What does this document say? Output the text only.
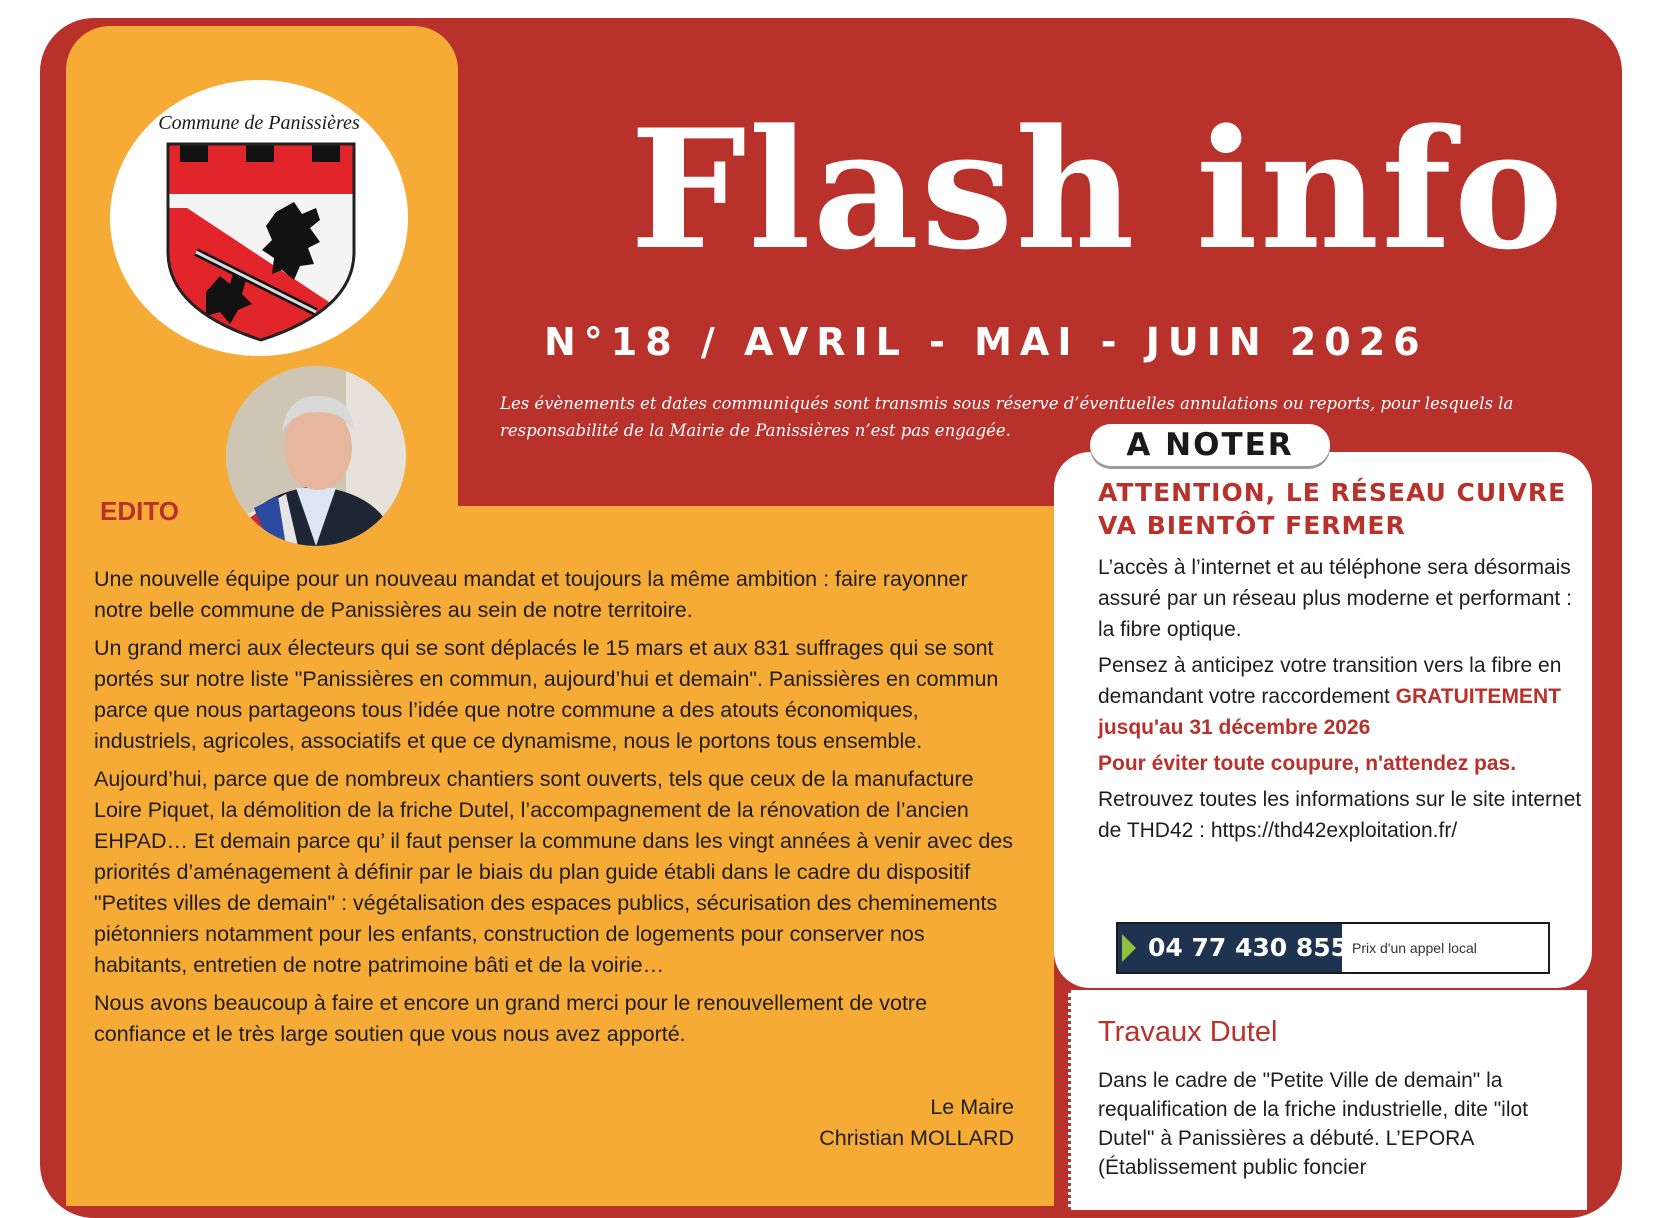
Commune de Panissières
EDITO
Flash info
N°18 / AVRIL - MAI - JUIN 2026
Les évènements et dates communiqués sont transmis sous réserve d’éventuelles annulations ou reports, pour lesquels la responsabilité de la Mairie de Panissières n’est pas engagée.

Une nouvelle équipe pour un nouveau mandat et toujours la même ambition : faire rayonner notre belle commune de Panissières au sein de notre territoire.

Un grand merci aux électeurs qui se sont déplacés le 15 mars et aux 831 suffrages qui se sont portés sur notre liste "Panissières en commun, aujourd’hui et demain". Panissières en commun parce que nous partageons tous l’idée que notre commune a des atouts économiques, industriels, agricoles, associatifs et que ce dynamisme, nous le portons tous ensemble.

Aujourd’hui, parce que de nombreux chantiers sont ouverts, tels que ceux de la manufacture Loire Piquet, la démolition de la friche Dutel, l’accompagnement de la rénovation de l’ancien EHPAD… Et demain parce qu’ il faut penser la commune dans les vingt années à venir avec des priorités d’aménagement à définir par le biais du plan guide établi dans le cadre du dispositif "Petites villes de demain" : végétalisation des espaces publics, sécurisation des cheminements piétonniers notamment pour les enfants, construction de logements pour conserver nos habitants, entretien de notre patrimoine bâti et de la voirie…

Nous avons beaucoup à faire et encore un grand merci pour le renouvellement de votre confiance et le très large soutien que vous nous avez apporté.

Le Maire
Christian MOLLARD
A NOTER
ATTENTION, LE RÉSEAU CUIVRE VA BIENTÔT FERMER
L’accès à l’internet et au téléphone sera désormais assuré par un réseau plus moderne et performant : la fibre optique.
Pensez à anticipez votre transition vers la fibre en demandant votre raccordement GRATUITEMENT jusqu'au 31 décembre 2026
Pour éviter toute coupure, n'attendez pas.
Retrouvez toutes les informations sur le site internet de THD42 : https://thd42exploitation.fr/
04 77 430 855 Prix d'un appel local
Travaux Dutel
Dans le cadre de "Petite Ville de demain" la requalification de la friche industrielle, dite "ilot Dutel" à Panissières a débuté. L’EPORA (Établissement public foncier
